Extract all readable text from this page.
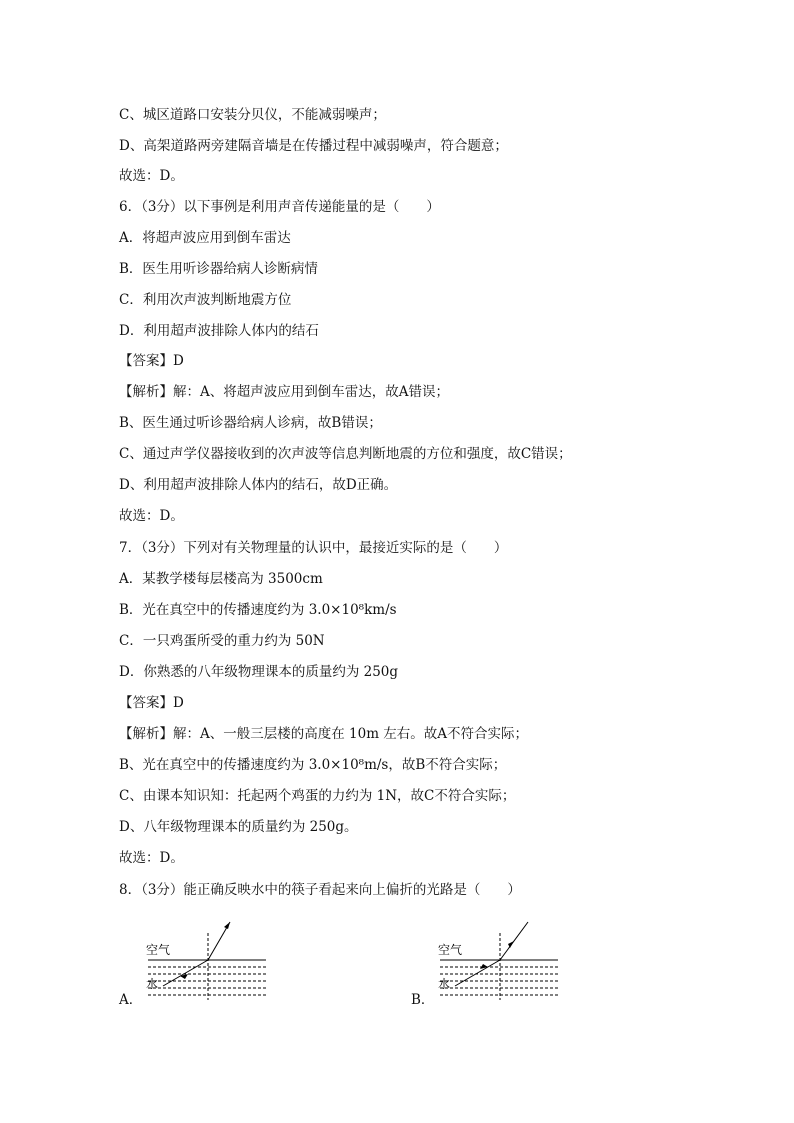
C、城区道路口安装分贝仪，不能减弱噪声；
D、高架道路两旁建隔音墙是在传播过程中减弱噪声，符合题意；
故选：D。
6．（3分）以下事例是利用声音传递能量的是（　　）
A．将超声波应用到倒车雷达
B．医生用听诊器给病人诊断病情
C．利用次声波判断地震方位
D．利用超声波排除人体内的结石
【答案】D
【解析】解：A、将超声波应用到倒车雷达，故A错误；
B、医生通过听诊器给病人诊病，故B错误；
C、通过声学仪器接收到的次声波等信息判断地震的方位和强度，故C错误；
D、利用超声波排除人体内的结石，故D正确。
故选：D。
7．（3分）下列对有关物理量的认识中，最接近实际的是（　　）
A．某教学楼每层楼高为 3500cm
B．光在真空中的传播速度约为 3.0×10⁸km/s
C．一只鸡蛋所受的重力约为 50N
D．你熟悉的八年级物理课本的质量约为 250g
【答案】D
【解析】解：A、一般三层楼的高度在 10m 左右。故A不符合实际；
B、光在真空中的传播速度约为 3.0×10⁸m/s，故B不符合实际；
C、由课本知识知：托起两个鸡蛋的力约为 1N，故C不符合实际；
D、八年级物理课本的质量约为 250g。
故选：D。
8．（3分）能正确反映水中的筷子看起来向上偏折的光路是（　　）
空气
水
A．
空气
水
B．
